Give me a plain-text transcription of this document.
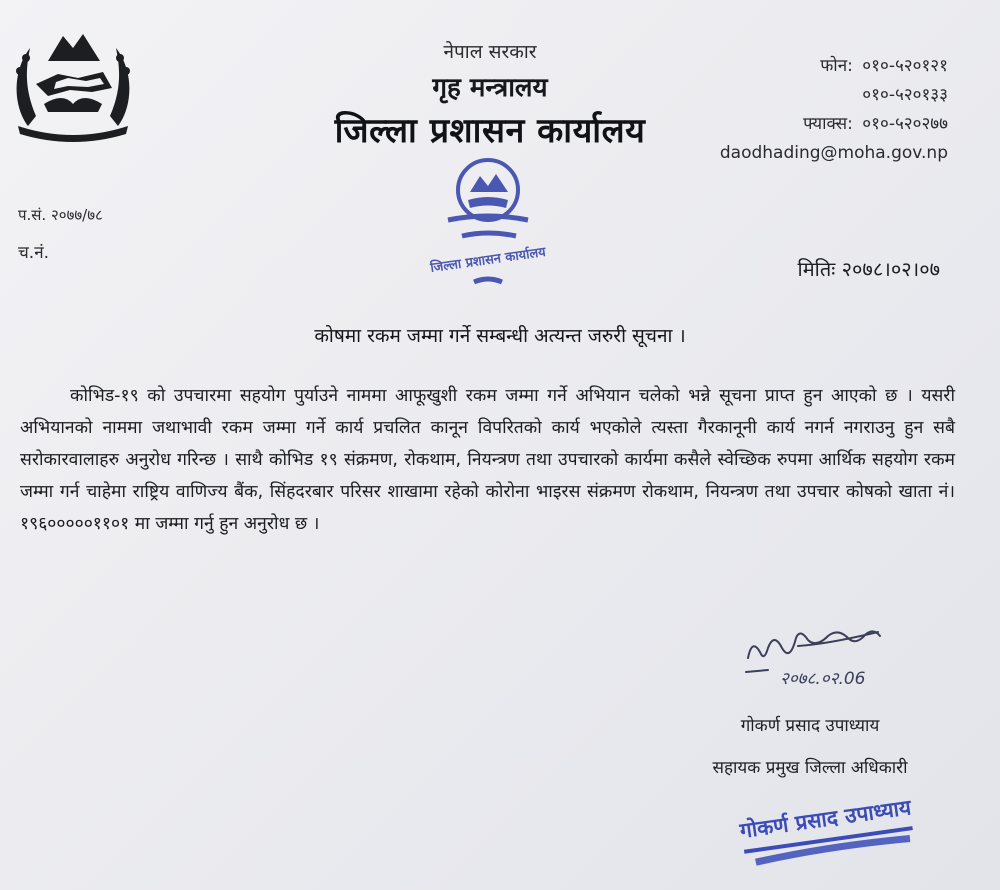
नेपाल सरकार
गृह मन्त्रालय
जिल्ला प्रशासन कार्यालय
फोन: ०१०-५२०१२१
०१०-५२०१३३
फ्याक्स: ०१०-५२०२७७
daodhading@moha.gov.np
जिल्ला प्रशासन कार्यालय
प.सं. २०७७/७८
च.नं.
मितिः २०७८।०२।०७
कोषमा रकम जम्मा गर्ने सम्बन्धी अत्यन्त जरुरी सूचना ।

कोभिड-१९ को उपचारमा सहयोग पुर्याउने नाममा आफूखुशी रकम जम्मा गर्ने अभियान चलेको भन्ने सूचना प्राप्त हुन आएको छ । यसरी अभियानको नाममा जथाभावी रकम जम्मा गर्ने कार्य प्रचलित कानून विपरितको कार्य भएकोले त्यस्ता गैरकानूनी कार्य नगर्न नगराउनु हुन सबै सरोकारवालाहरु अनुरोध गरिन्छ । साथै कोभिड १९ संक्रमण, रोकथाम, नियन्त्रण तथा उपचारको कार्यमा कसैले स्वेच्छिक रुपमा आर्थिक सहयोग रकम जम्मा गर्न चाहेमा राष्ट्रिय वाणिज्य बैंक, सिंहदरबार परिसर शाखामा रहेको कोरोना भाइरस संक्रमण रोकथाम, नियन्त्रण तथा उपचार कोषको खाता नं। १९६०००००११०१ मा जम्मा गर्नु हुन अनुरोध छ ।

२०७८.०२.06
गोकर्ण प्रसाद उपाध्याय
सहायक प्रमुख जिल्ला अधिकारी
गोकर्ण प्रसाद उपाध्याय
